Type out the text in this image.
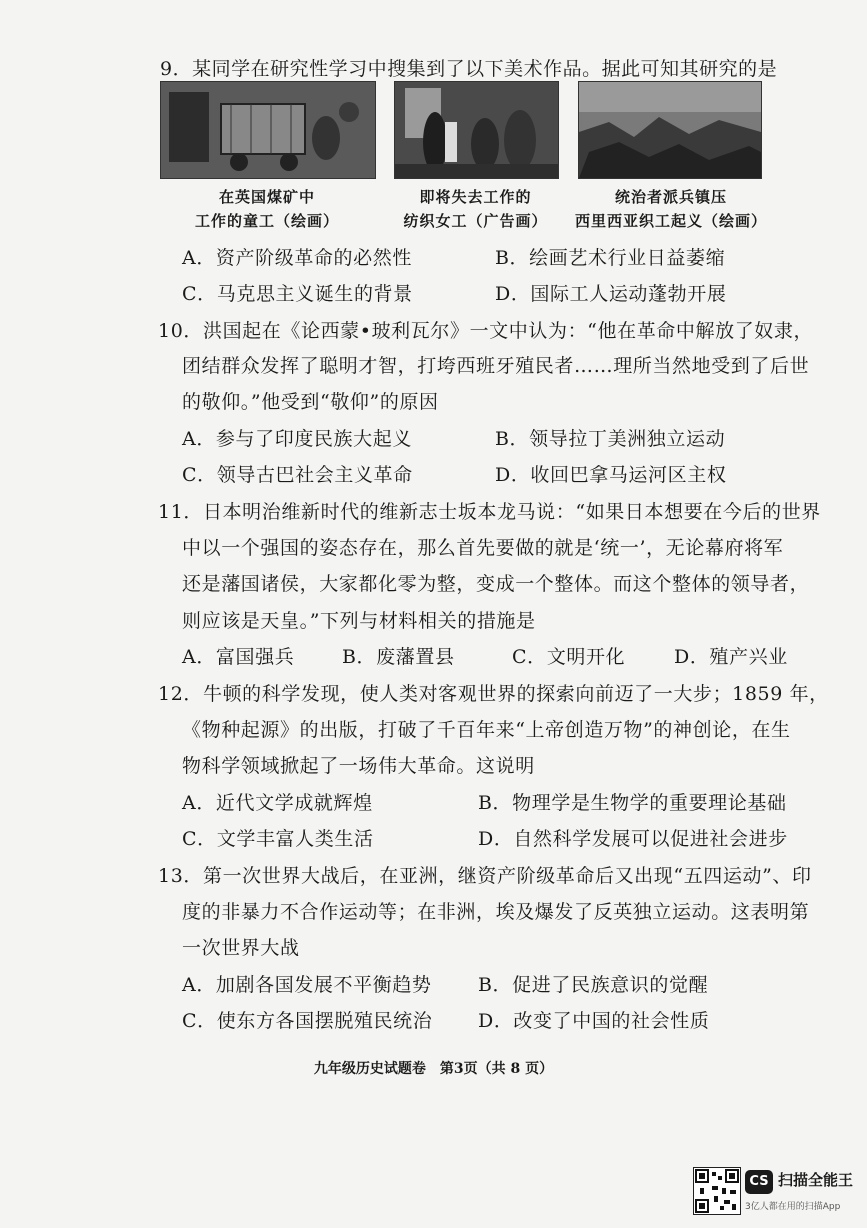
9．某同学在研究性学习中搜集到了以下美术作品。据此可知其研究的是
在英国煤矿中
工作的童工（绘画）
即将失去工作的
纺织女工（广告画）
统治者派兵镇压
西里西亚织工起义（绘画）
A．资产阶级革命的必然性	B．绘画艺术行业日益萎缩
C．马克思主义诞生的背景	D．国际工人运动蓬勃开展
10．洪国起在《论西蒙•玻利瓦尔》一文中认为：“他在革命中解放了奴隶，
团结群众发挥了聪明才智，打垮西班牙殖民者……理所当然地受到了后世
的敬仰。”他受到“敬仰”的原因
A．参与了印度民族大起义	B．领导拉丁美洲独立运动
C．领导古巴社会主义革命	D．收回巴拿马运河区主权
11．日本明治维新时代的维新志士坂本龙马说：“如果日本想要在今后的世界
中以一个强国的姿态存在，那么首先要做的就是‘统一’，无论幕府将军
还是藩国诸侯，大家都化零为整，变成一个整体。而这个整体的领导者，
则应该是天皇。”下列与材料相关的措施是
A．富国强兵	B．废藩置县	C．文明开化	D．殖产兴业
12．牛顿的科学发现，使人类对客观世界的探索向前迈了一大步；1859 年，
《物种起源》的出版，打破了千百年来“上帝创造万物”的神创论，在生
物科学领域掀起了一场伟大革命。这说明
A．近代文学成就辉煌	B．物理学是生物学的重要理论基础
C．文学丰富人类生活	D．自然科学发展可以促进社会进步
13．第一次世界大战后，在亚洲，继资产阶级革命后又出现“五四运动”、印
度的非暴力不合作运动等；在非洲，埃及爆发了反英独立运动。这表明第
一次世界大战
A．加剧各国发展不平衡趋势 B．促进了民族意识的觉醒
C．使东方各国摆脱殖民统治 D．改变了中国的社会性质
九年级历史试题卷　第3页（共 8 页）
CS 扫描全能王
3亿人都在用的扫描App
